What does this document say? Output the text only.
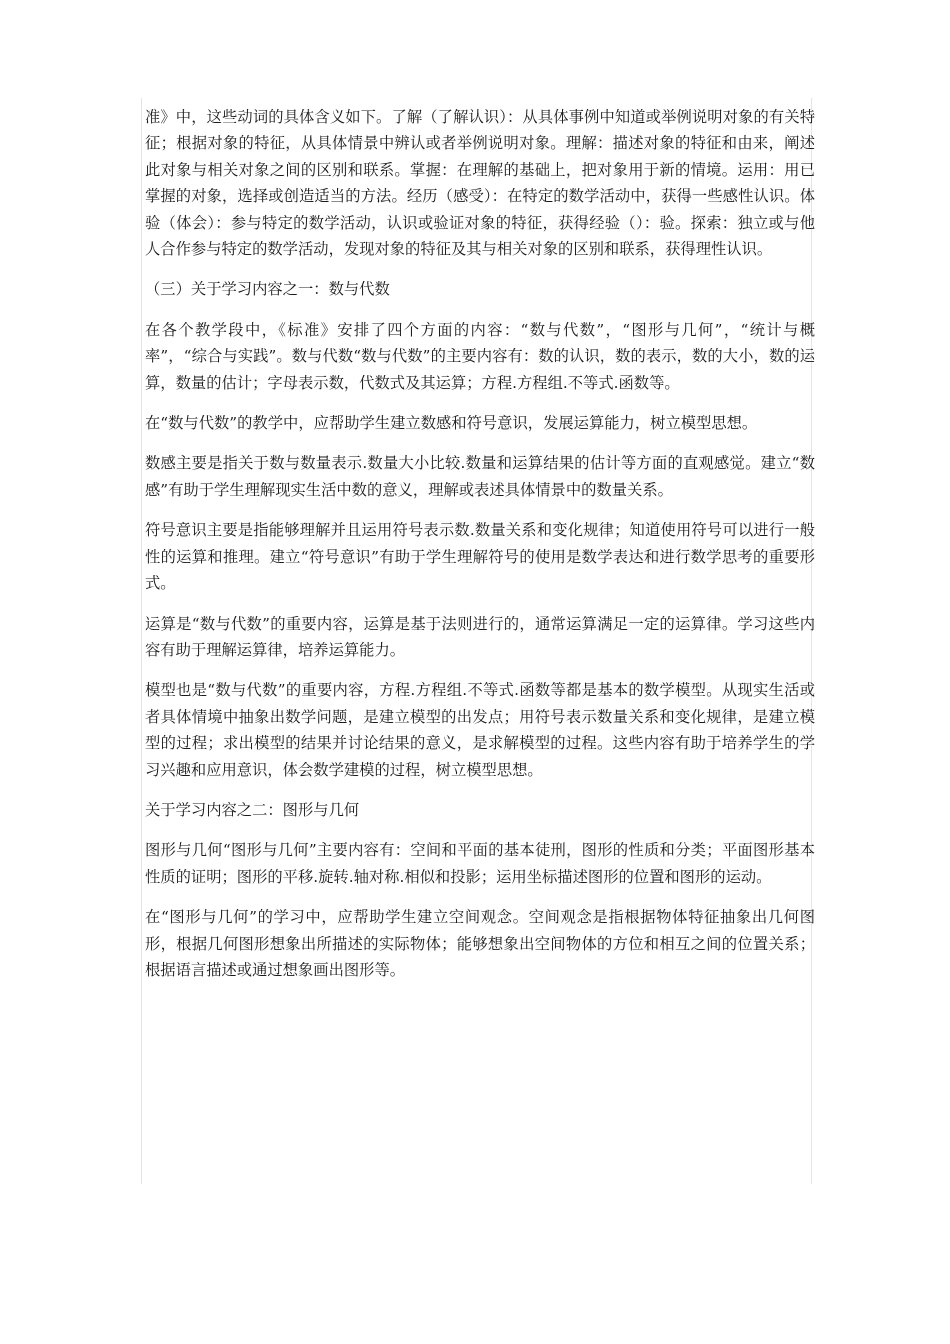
准》中，这些动词的具体含义如下。了解（了解认识）：从具体事例中知道或举例说明对象的有关特征；根据对象的特征，从具体情景中辨认或者举例说明对象。理解：描述对象的特征和由来，阐述此对象与相关对象之间的区别和联系。掌握：在理解的基础上，把对象用于新的情境。运用：用已掌握的对象，选择或创造适当的方法。经历（感受）：在特定的数学活动中，获得一些感性认识。体验（体会）：参与特定的数学活动，认识或验证对象的特征，获得经验（）：验。探索：独立或与他人合作参与特定的数学活动，发现对象的特征及其与相关对象的区别和联系，获得理性认识。

（三）关于学习内容之一：数与代数

在各个教学段中，《标准》安排了四个方面的内容：“数与代数”，“图形与几何”，“统计与概率”，“综合与实践”。数与代数“数与代数”的主要内容有：数的认识，数的表示，数的大小，数的运算，数量的估计；字母表示数，代数式及其运算；方程.方程组.不等式.函数等。

在“数与代数”的教学中，应帮助学生建立数感和符号意识，发展运算能力，树立模型思想。

数感主要是指关于数与数量表示.数量大小比较.数量和运算结果的估计等方面的直观感觉。建立“数感”有助于学生理解现实生活中数的意义，理解或表述具体情景中的数量关系。

符号意识主要是指能够理解并且运用符号表示数.数量关系和变化规律；知道使用符号可以进行一般性的运算和推理。建立“符号意识”有助于学生理解符号的使用是数学表达和进行数学思考的重要形式。

运算是“数与代数”的重要内容，运算是基于法则进行的，通常运算满足一定的运算律。学习这些内容有助于理解运算律，培养运算能力。

模型也是“数与代数”的重要内容，方程.方程组.不等式.函数等都是基本的数学模型。从现实生活或者具体情境中抽象出数学问题，是建立模型的出发点；用符号表示数量关系和变化规律，是建立模型的过程；求出模型的结果并讨论结果的意义，是求解模型的过程。这些内容有助于培养学生的学习兴趣和应用意识，体会数学建模的过程，树立模型思想。

关于学习内容之二：图形与几何

图形与几何“图形与几何”主要内容有：空间和平面的基本徒刑，图形的性质和分类；平面图形基本性质的证明；图形的平移.旋转.轴对称.相似和投影；运用坐标描述图形的位置和图形的运动。

在“图形与几何”的学习中，应帮助学生建立空间观念。空间观念是指根据物体特征抽象出几何图形，根据几何图形想象出所描述的实际物体；能够想象出空间物体的方位和相互之间的位置关系；根据语言描述或通过想象画出图形等。
